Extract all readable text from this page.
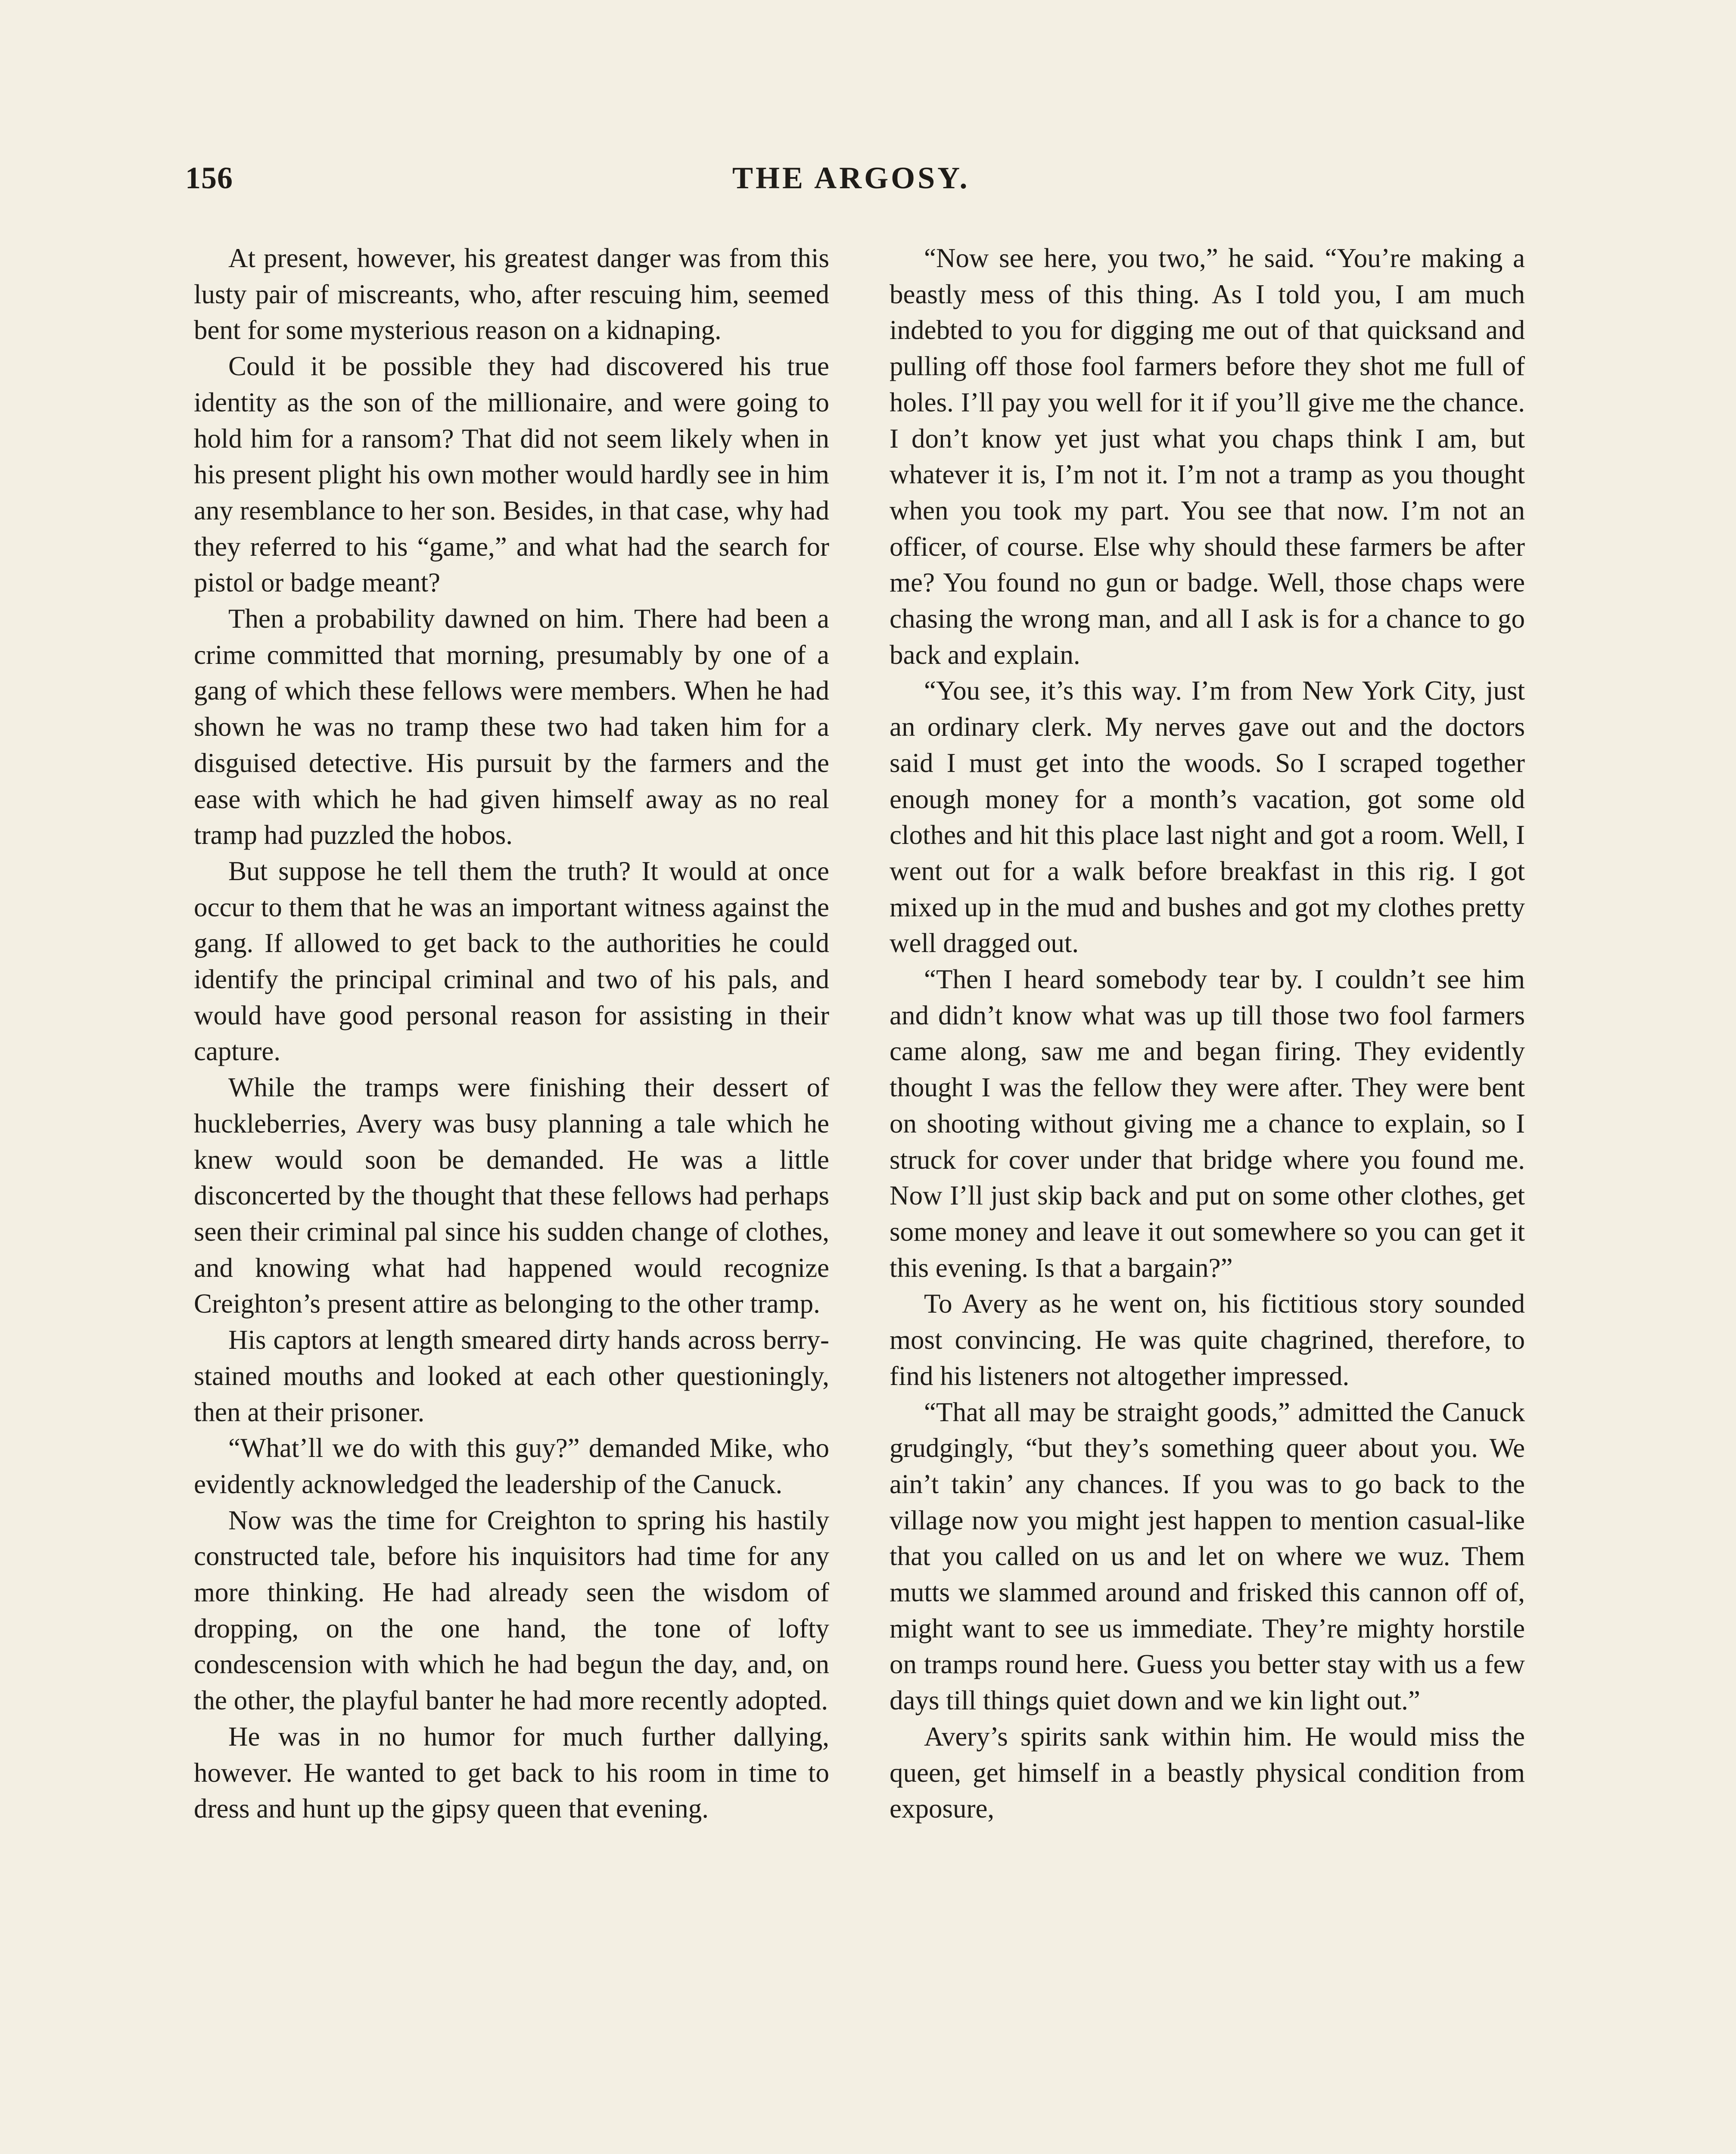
156	THE ARGOSY.

At present, however, his greatest danger was from this lusty pair of miscreants, who, after rescuing him, seemed bent for some mysterious reason on a kidnaping.

Could it be possible they had discovered his true identity as the son of the millionaire, and were going to hold him for a ransom? That did not seem likely when in his present plight his own mother would hardly see in him any resemblance to her son. Besides, in that case, why had they referred to his “game,” and what had the search for pistol or badge meant?

Then a probability dawned on him. There had been a crime committed that morning, presumably by one of a gang of which these fellows were members. When he had shown he was no tramp these two had taken him for a disguised detective. His pursuit by the farmers and the ease with which he had given himself away as no real tramp had puzzled the hobos.

But suppose he tell them the truth? It would at once occur to them that he was an important witness against the gang. If allowed to get back to the authorities he could identify the principal criminal and two of his pals, and would have good personal reason for assisting in their capture.

While the tramps were finishing their dessert of huckleberries, Avery was busy planning a tale which he knew would soon be demanded. He was a little disconcerted by the thought that these fellows had perhaps seen their criminal pal since his sudden change of clothes, and knowing what had happened would recognize Creighton’s present attire as belonging to the other tramp.

His captors at length smeared dirty hands across berry-stained mouths and looked at each other questioningly, then at their prisoner.

“What’ll we do with this guy?” demanded Mike, who evidently acknowledged the leadership of the Canuck.

Now was the time for Creighton to spring his hastily constructed tale, before his inquisitors had time for any more thinking. He had already seen the wisdom of dropping, on the one hand, the tone of lofty condescension with which he had begun the day, and, on the other, the playful banter he had more recently adopted.

He was in no humor for much further dallying, however. He wanted to get back to his room in time to dress and hunt up the gipsy queen that evening.

“Now see here, you two,” he said. “You’re making a beastly mess of this thing. As I told you, I am much indebted to you for digging me out of that quicksand and pulling off those fool farmers before they shot me full of holes. I’ll pay you well for it if you’ll give me the chance. I don’t know yet just what you chaps think I am, but whatever it is, I’m not it. I’m not a tramp as you thought when you took my part. You see that now. I’m not an officer, of course. Else why should these farmers be after me? You found no gun or badge. Well, those chaps were chasing the wrong man, and all I ask is for a chance to go back and explain.

“You see, it’s this way. I’m from New York City, just an ordinary clerk. My nerves gave out and the doctors said I must get into the woods. So I scraped together enough money for a month’s vacation, got some old clothes and hit this place last night and got a room. Well, I went out for a walk before breakfast in this rig. I got mixed up in the mud and bushes and got my clothes pretty well dragged out.

“Then I heard somebody tear by. I couldn’t see him and didn’t know what was up till those two fool farmers came along, saw me and began firing. They evidently thought I was the fellow they were after. They were bent on shooting without giving me a chance to explain, so I struck for cover under that bridge where you found me. Now I’ll just skip back and put on some other clothes, get some money and leave it out somewhere so you can get it this evening. Is that a bargain?”

To Avery as he went on, his fictitious story sounded most convincing. He was quite chagrined, therefore, to find his listeners not altogether impressed.

“That all may be straight goods,” admitted the Canuck grudgingly, “but they’s something queer about you. We ain’t takin’ any chances. If you was to go back to the village now you might jest happen to mention casual-like that you called on us and let on where we wuz. Them mutts we slammed around and frisked this cannon off of, might want to see us immediate. They’re mighty horstile on tramps round here. Guess you better stay with us a few days till things quiet down and we kin light out.”

Avery’s spirits sank within him. He would miss the queen, get himself in a beastly physical condition from exposure,
